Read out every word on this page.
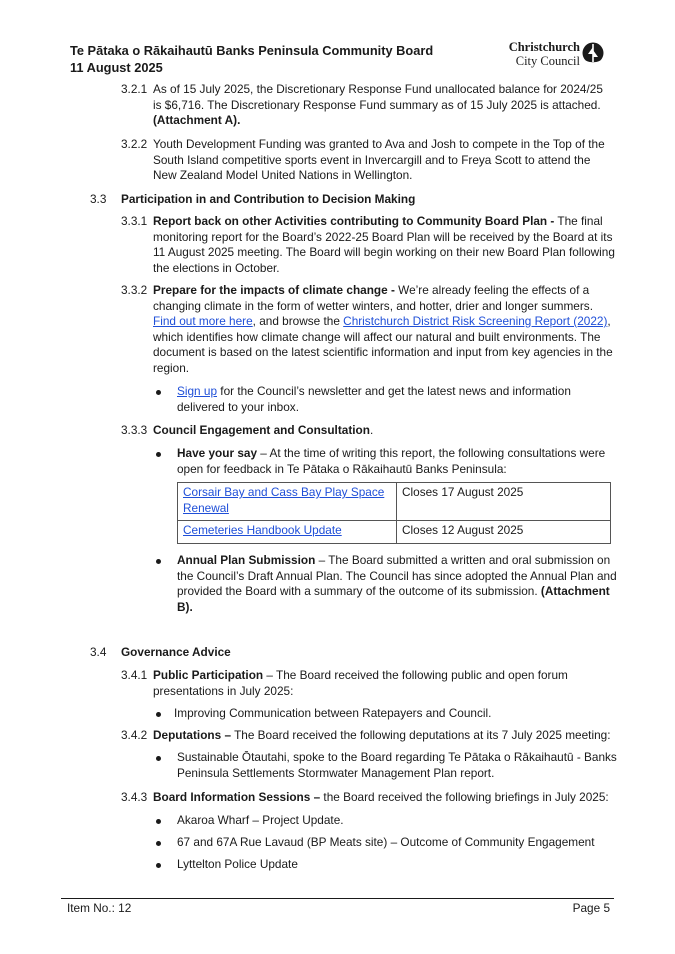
Te Pātaka o Rākaihautū Banks Peninsula Community Board
11 August 2025
Christchurch
City Council
3.2.1 As of 15 July 2025, the Discretionary Response Fund unallocated balance for 2024/25 is $6,716. The Discretionary Response Fund summary as of 15 July 2025 is attached. (Attachment A).
3.2.2 Youth Development Funding was granted to Ava and Josh to compete in the Top of the South Island competitive sports event in Invercargill and to Freya Scott to attend the New Zealand Model United Nations in Wellington.
3.3 Participation in and Contribution to Decision Making
3.3.1 Report back on other Activities contributing to Community Board Plan - The final monitoring report for the Board’s 2022-25 Board Plan will be received by the Board at its 11 August 2025 meeting. The Board will begin working on their new Board Plan following the elections in October.
3.3.2 Prepare for the impacts of climate change - We’re already feeling the effects of a changing climate in the form of wetter winters, and hotter, drier and longer summers. Find out more here, and browse the Christchurch District Risk Screening Report (2022), which identifies how climate change will affect our natural and built environments. The document is based on the latest scientific information and input from key agencies in the region.
Sign up for the Council’s newsletter and get the latest news and information delivered to your inbox.
3.3.3 Council Engagement and Consultation.
Have your say – At the time of writing this report, the following consultations were open for feedback in Te Pātaka o Rākaihautū Banks Peninsula:
Corsair Bay and Cass Bay Play Space Renewal	Closes 17 August 2025
Cemeteries Handbook Update	Closes 12 August 2025
Annual Plan Submission – The Board submitted a written and oral submission on the Council’s Draft Annual Plan. The Council has since adopted the Annual Plan and provided the Board with a summary of the outcome of its submission. (Attachment B).
3.4 Governance Advice
3.4.1 Public Participation – The Board received the following public and open forum presentations in July 2025:
Improving Communication between Ratepayers and Council.
3.4.2 Deputations – The Board received the following deputations at its 7 July 2025 meeting:
Sustainable Ōtautahi, spoke to the Board regarding Te Pātaka o Rākaihautū - Banks Peninsula Settlements Stormwater Management Plan report.
3.4.3 Board Information Sessions – the Board received the following briefings in July 2025:
Akaroa Wharf – Project Update.
67 and 67A Rue Lavaud (BP Meats site) – Outcome of Community Engagement
Lyttelton Police Update
Item No.: 12	Page 5
